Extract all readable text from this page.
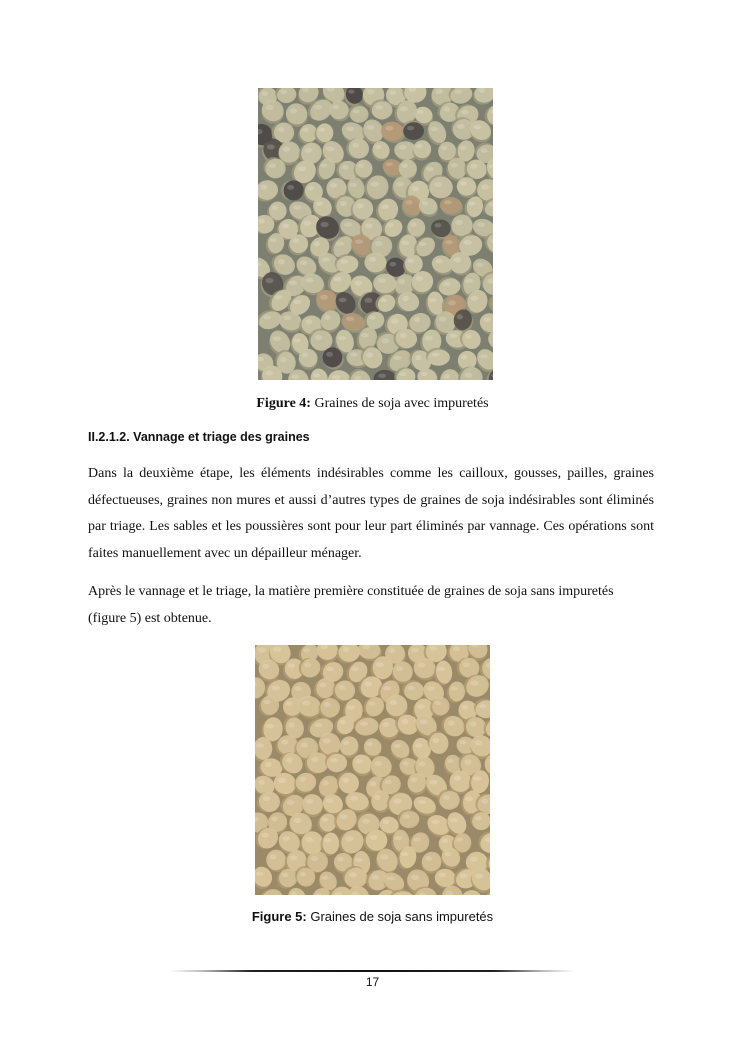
Figure 4: Graines de soja avec impuretés
II.2.1.2. Vannage et triage des graines

Dans la deuxième étape, les éléments indésirables comme les cailloux, gousses, pailles, graines défectueuses, graines non mures et aussi d’autres types de graines de soja indésirables sont éliminés par triage. Les sables et les poussières sont pour leur part éliminés par vannage. Ces opérations sont faites manuellement avec un dépailleur ménager.

Après le vannage et le triage, la matière première constituée de graines de soja sans impuretés (figure 5) est obtenue.

Figure 5: Graines de soja sans impuretés
17
